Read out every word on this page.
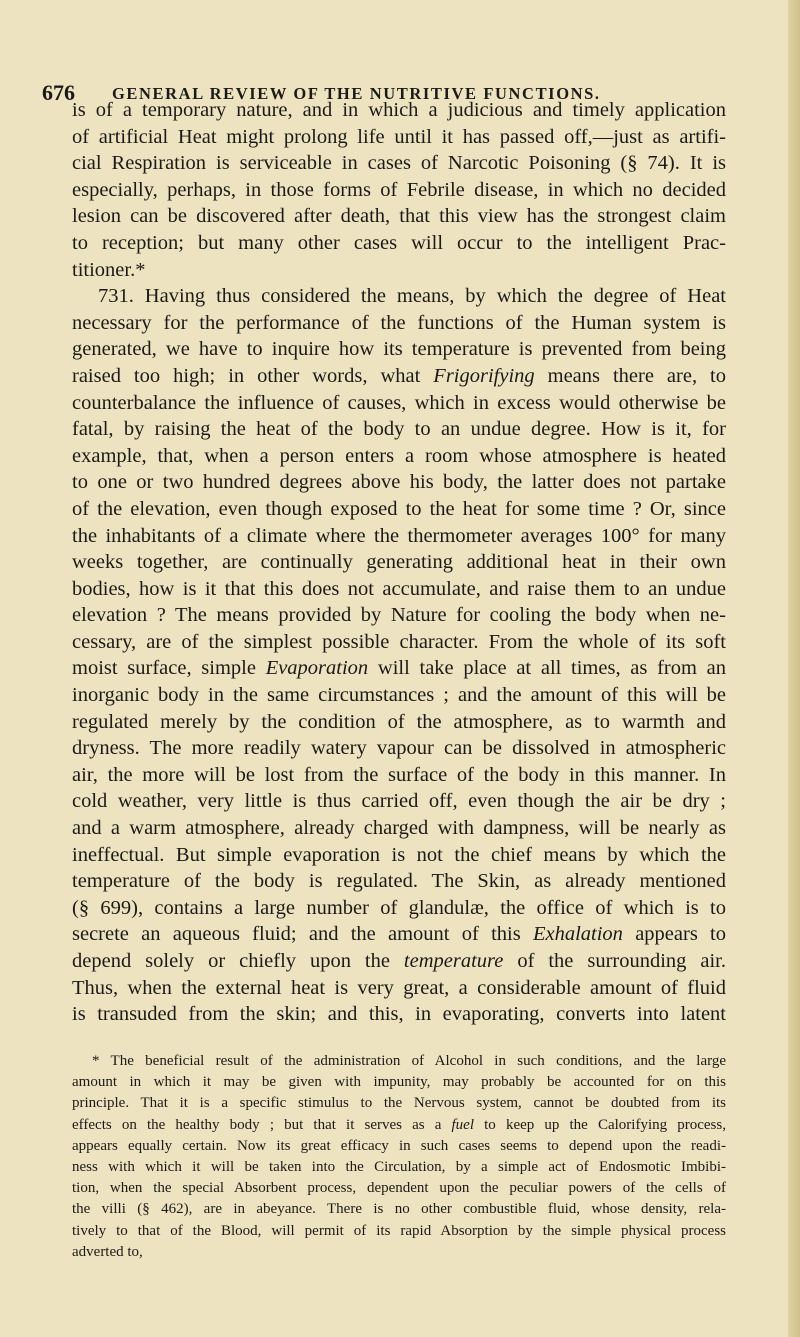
676 GENERAL REVIEW OF THE NUTRITIVE FUNCTIONS.
is of a temporary nature, and in which a judicious and timely application
of artificial Heat might prolong life until it has passed off,—just as artifi-
cial Respiration is serviceable in cases of Narcotic Poisoning (§ 74). It is
especially, perhaps, in those forms of Febrile disease, in which no decided
lesion can be discovered after death, that this view has the strongest claim
to reception; but many other cases will occur to the intelligent Prac-
titioner.*
731. Having thus considered the means, by which the degree of Heat
necessary for the performance of the functions of the Human system is
generated, we have to inquire how its temperature is prevented from being
raised too high; in other words, what Frigorifying means there are, to
counterbalance the influence of causes, which in excess would otherwise be
fatal, by raising the heat of the body to an undue degree. How is it, for
example, that, when a person enters a room whose atmosphere is heated
to one or two hundred degrees above his body, the latter does not partake
of the elevation, even though exposed to the heat for some time ? Or, since
the inhabitants of a climate where the thermometer averages 100° for many
weeks together, are continually generating additional heat in their own
bodies, how is it that this does not accumulate, and raise them to an undue
elevation ? The means provided by Nature for cooling the body when ne-
cessary, are of the simplest possible character. From the whole of its soft
moist surface, simple Evaporation will take place at all times, as from an
inorganic body in the same circumstances ; and the amount of this will be
regulated merely by the condition of the atmosphere, as to warmth and
dryness. The more readily watery vapour can be dissolved in atmospheric
air, the more will be lost from the surface of the body in this manner. In
cold weather, very little is thus carried off, even though the air be dry ;
and a warm atmosphere, already charged with dampness, will be nearly as
ineffectual. But simple evaporation is not the chief means by which the
temperature of the body is regulated. The Skin, as already mentioned
(§ 699), contains a large number of glandulæ, the office of which is to
secrete an aqueous fluid; and the amount of this Exhalation appears to
depend solely or chiefly upon the temperature of the surrounding air.
Thus, when the external heat is very great, a considerable amount of fluid
is transuded from the skin; and this, in evaporating, converts into latent
* The beneficial result of the administration of Alcohol in such conditions, and the large
amount in which it may be given with impunity, may probably be accounted for on this
principle. That it is a specific stimulus to the Nervous system, cannot be doubted from its
effects on the healthy body ; but that it serves as a fuel to keep up the Calorifying process,
appears equally certain. Now its great efficacy in such cases seems to depend upon the readi-
ness with which it will be taken into the Circulation, by a simple act of Endosmotic Imbibi-
tion, when the special Absorbent process, dependent upon the peculiar powers of the cells of
the villi (§ 462), are in abeyance. There is no other combustible fluid, whose density, rela-
tively to that of the Blood, will permit of its rapid Absorption by the simple physical process
adverted to,
